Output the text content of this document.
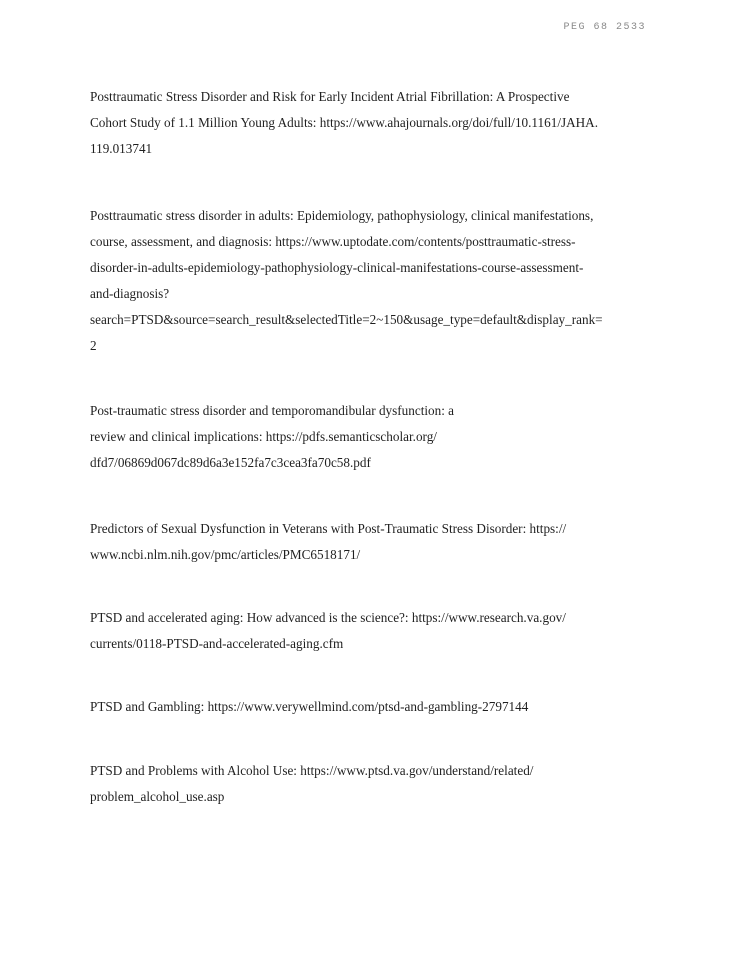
PEG 68 2533
Posttraumatic Stress Disorder and Risk for Early Incident Atrial Fibrillation: A Prospective
Cohort Study of 1.1 Million Young Adults: https://www.ahajournals.org/doi/full/10.1161/JAHA.
119.013741
Posttraumatic stress disorder in adults: Epidemiology, pathophysiology, clinical manifestations,
course, assessment, and diagnosis: https://www.uptodate.com/contents/posttraumatic-stress-
disorder-in-adults-epidemiology-pathophysiology-clinical-manifestations-course-assessment-
and-diagnosis?
search=PTSD&source=search_result&selectedTitle=2~150&usage_type=default&display_rank=
2
Post-traumatic stress disorder and temporomandibular dysfunction: a
review and clinical implications: https://pdfs.semanticscholar.org/
dfd7/06869d067dc89d6a3e152fa7c3cea3fa70c58.pdf
Predictors of Sexual Dysfunction in Veterans with Post-Traumatic Stress Disorder: https://
www.ncbi.nlm.nih.gov/pmc/articles/PMC6518171/
PTSD and accelerated aging: How advanced is the science?: https://www.research.va.gov/
currents/0118-PTSD-and-accelerated-aging.cfm
PTSD and Gambling: https://www.verywellmind.com/ptsd-and-gambling-2797144
PTSD and Problems with Alcohol Use: https://www.ptsd.va.gov/understand/related/
problem_alcohol_use.asp
